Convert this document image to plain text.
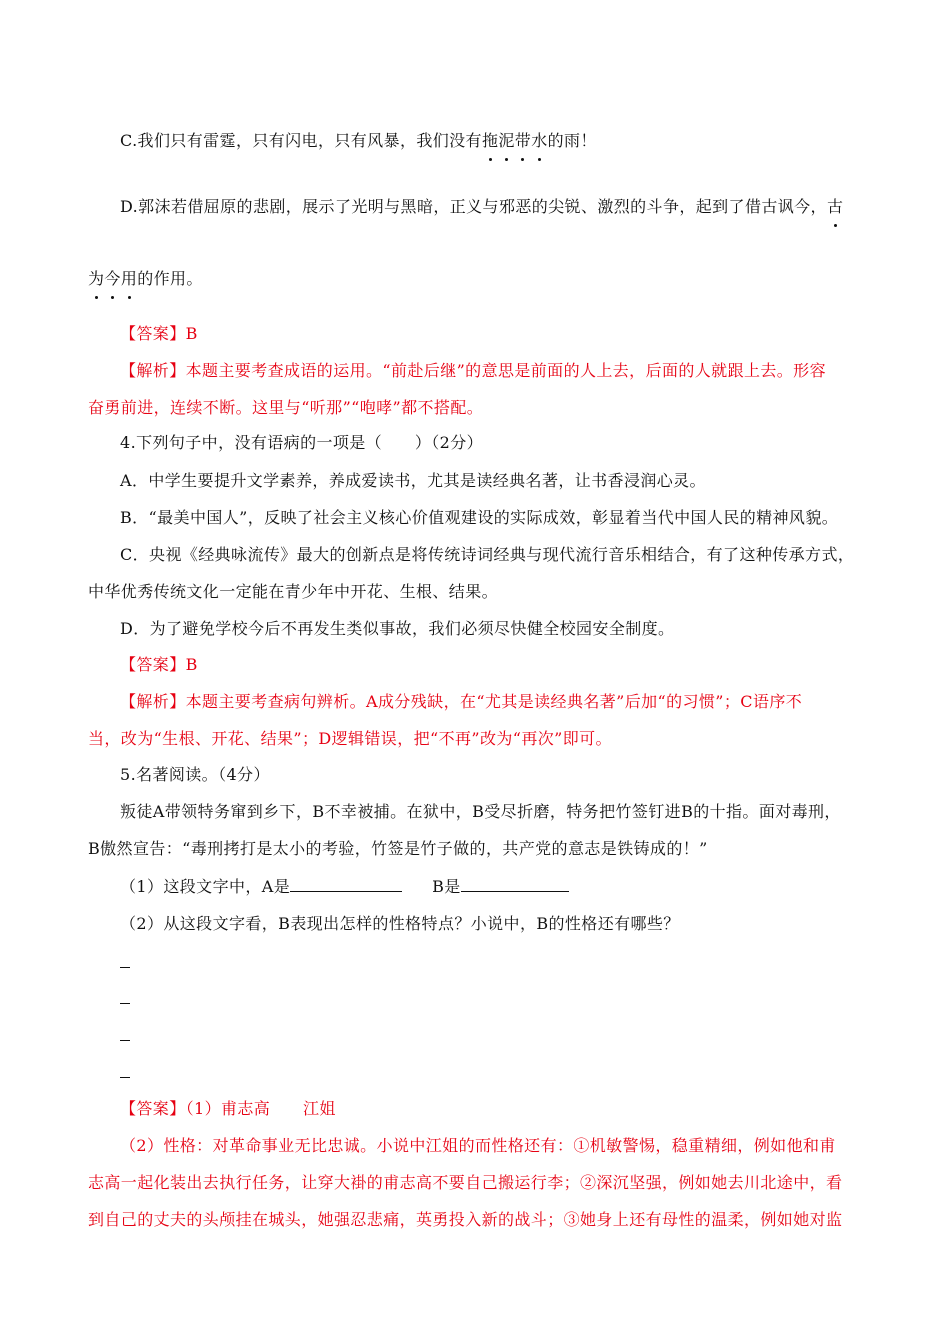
C.我们只有雷霆，只有闪电，只有风暴，我们没有拖泥带水的雨！
D.郭沫若借屈原的悲剧，展示了光明与黑暗，正义与邪恶的尖锐、激烈的斗争，起到了借古讽今，古
为今用的作用。
【答案】B
【解析】本题主要考查成语的运用。“前赴后继”的意思是前面的人上去，后面的人就跟上去。形容
奋勇前进，连续不断。这里与“听那”“咆哮”都不搭配。
4.下列句子中，没有语病的一项是（　　）（2分）
A．中学生要提升文学素养，养成爱读书，尤其是读经典名著，让书香浸润心灵。
B．“最美中国人”，反映了社会主义核心价值观建设的实际成效，彰显着当代中国人民的精神风貌。
C．央视《经典咏流传》最大的创新点是将传统诗词经典与现代流行音乐相结合，有了这种传承方式，
中华优秀传统文化一定能在青少年中开花、生根、结果。
D．为了避免学校今后不再发生类似事故，我们必须尽快健全校园安全制度。
【答案】B
【解析】本题主要考查病句辨析。A成分残缺，在“尤其是读经典名著”后加“的习惯”；C语序不
当，改为“生根、开花、结果”；D逻辑错误，把“不再”改为“再次”即可。
5.名著阅读。（4分）
叛徒A带领特务窜到乡下，B不幸被捕。在狱中，B受尽折磨，特务把竹签钉进B的十指。面对毒刑，
B傲然宣告：“毒刑拷打是太小的考验，竹签是竹子做的，共产党的意志是铁铸成的！”
（1）这段文字中，A是	B是
（2）从这段文字看，B表现出怎样的性格特点？小说中，B的性格还有哪些？
【答案】（1）甫志高　　江姐
（2）性格：对革命事业无比忠诚。小说中江姐的而性格还有：①机敏警惕，稳重精细，例如他和甫
志高一起化装出去执行任务，让穿大褂的甫志高不要自己搬运行李；②深沉坚强，例如她去川北途中，看
到自己的丈夫的头颅挂在城头，她强忍悲痛，英勇投入新的战斗；③她身上还有母性的温柔，例如她对监
